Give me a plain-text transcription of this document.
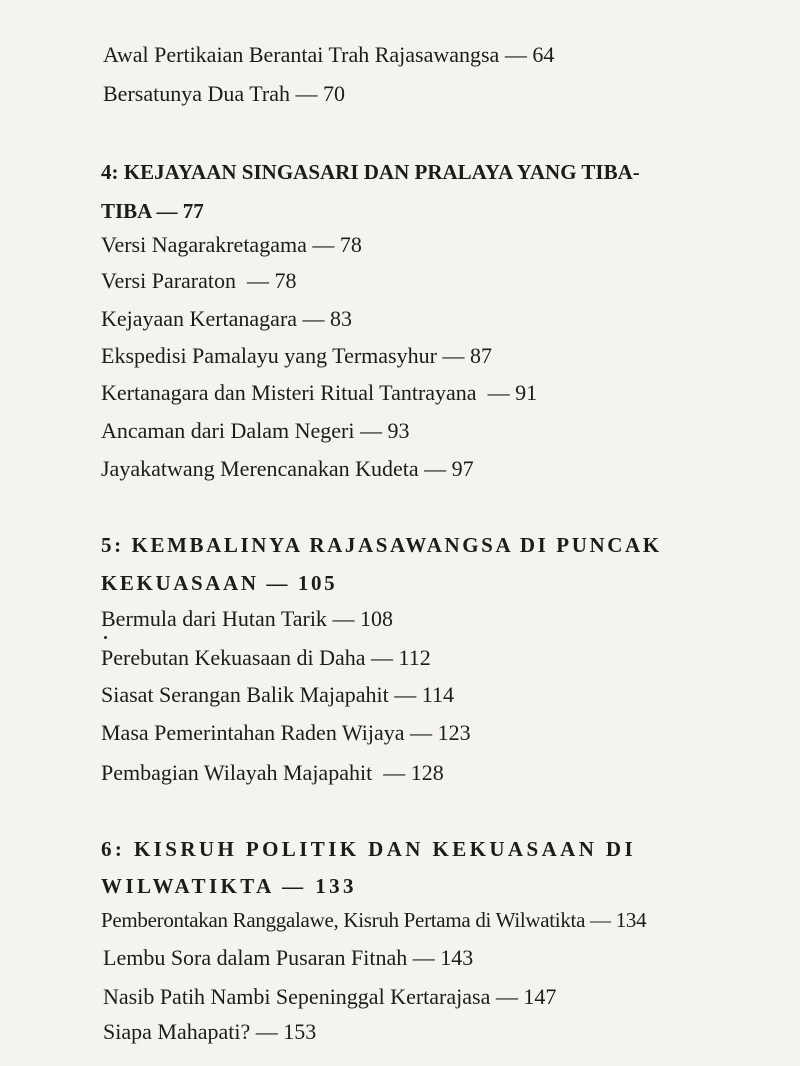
Awal Pertikaian Berantai Trah Rajasawangsa — 64
Bersatunya Dua Trah — 70
4: KEJAYAAN SINGASARI DAN PRALAYA YANG TIBA-
TIBA — 77
Versi Nagarakretagama — 78
Versi Pararaton  — 78
Kejayaan Kertanagara — 83
Ekspedisi Pamalayu yang Termasyhur — 87
Kertanagara dan Misteri Ritual Tantrayana  — 91
Ancaman dari Dalam Negeri — 93
Jayakatwang Merencanakan Kudeta — 97
5: KEMBALINYA RAJASAWANGSA DI PUNCAK
KEKUASAAN — 105
Bermula dari Hutan Tarik — 108
Perebutan Kekuasaan di Daha — 112
Siasat Serangan Balik Majapahit — 114
Masa Pemerintahan Raden Wijaya — 123
Pembagian Wilayah Majapahit  — 128
6: KISRUH POLITIK DAN KEKUASAAN DI
WILWATIKTA — 133
Pemberontakan Ranggalawe, Kisruh Pertama di Wilwatikta — 134
Lembu Sora dalam Pusaran Fitnah — 143
Nasib Patih Nambi Sepeninggal Kertarajasa — 147
Siapa Mahapati? — 153
